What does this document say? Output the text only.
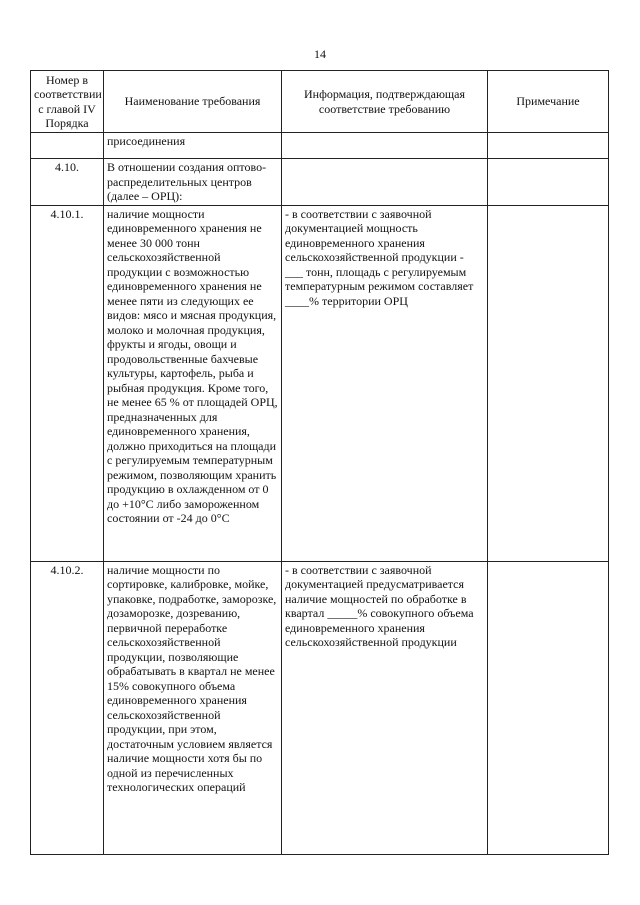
14
Номер в соответствии с главой IV Порядка	Наименование требования	Информация, подтверждающая соответствие требованию	Примечание
	присоединения		
4.10.	В отношении создания оптово-распределительных центров (далее – ОРЦ):		
4.10.1.	наличие мощности единовременного хранения не менее 30 000 тонн сельскохозяйственной продукции с возможностью единовременного хранения не менее пяти из следующих ее видов: мясо и мясная продукция, молоко и молочная продукция, фрукты и ягоды, овощи и продовольственные бахчевые культуры, картофель, рыба и рыбная продукция. Кроме того, не менее 65 % от площадей ОРЦ, предназначенных для единовременного хранения, должно приходиться на площади с регулируемым температурным режимом, позволяющим хранить продукцию в охлажденном от 0 до +10°С либо замороженном состоянии от -24 до 0°С	- в соответствии с заявочной документацией мощность единовременного хранения сельскохозяйственной продукции - ___ тонн, площадь с регулируемым температурным режимом составляет ____% территории ОРЦ	
4.10.2.	наличие мощности по сортировке, калибровке, мойке, упаковке, подработке, заморозке, дозаморозке, дозреванию, первичной переработке сельскохозяйственной продукции, позволяющие обрабатывать в квартал не менее 15% совокупного объема единовременного хранения сельскохозяйственной продукции, при этом, достаточным условием является наличие мощности хотя бы по одной из перечисленных технологических операций	- в соответствии с заявочной документацией предусматривается наличие мощностей по обработке в квартал _____% совокупного объема единовременного хранения сельскохозяйственной продукции	
